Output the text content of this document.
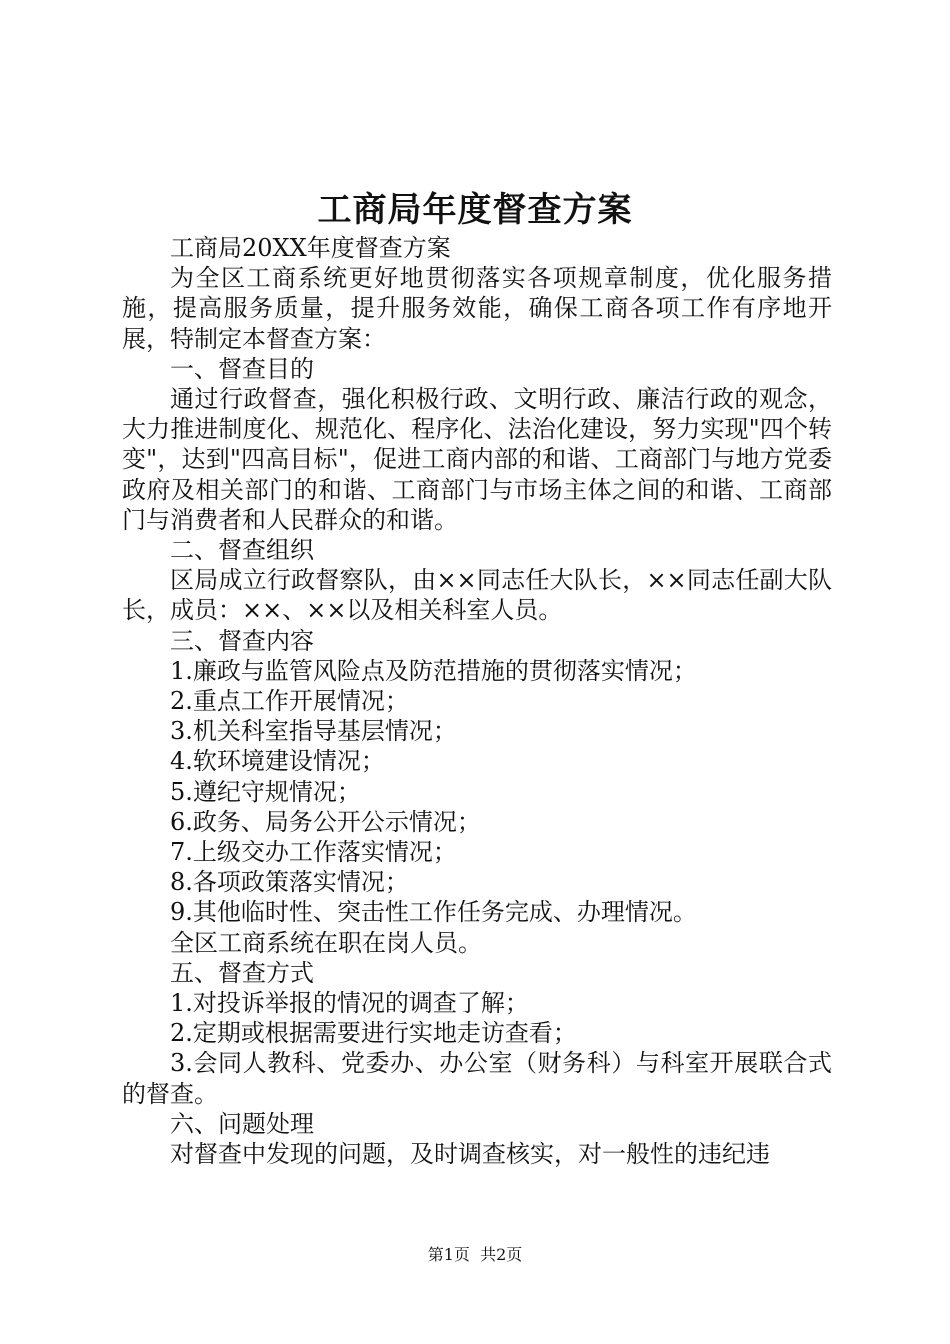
工商局年度督查方案

工商局20XX年度督查方案

为全区工商系统更好地贯彻落实各项规章制度，优化服务措施，提高服务质量，提升服务效能，确保工商各项工作有序地开展，特制定本督查方案：

一、督查目的

通过行政督查，强化积极行政、文明行政、廉洁行政的观念，大力推进制度化、规范化、程序化、法治化建设，努力实现"四个转变"，达到"四高目标"，促进工商内部的和谐、工商部门与地方党委政府及相关部门的和谐、工商部门与市场主体之间的和谐、工商部门与消费者和人民群众的和谐。

二、督查组织

区局成立行政督察队，由××同志任大队长，××同志任副大队长，成员：××、××以及相关科室人员。

三、督查内容

1.廉政与监管风险点及防范措施的贯彻落实情况；

2.重点工作开展情况；

3.机关科室指导基层情况；

4.软环境建设情况；

5.遵纪守规情况；

6.政务、局务公开公示情况；

7.上级交办工作落实情况；

8.各项政策落实情况；

9.其他临时性、突击性工作任务完成、办理情况。

全区工商系统在职在岗人员。

五、督查方式

1.对投诉举报的情况的调查了解；

2.定期或根据需要进行实地走访查看；

3.会同人教科、党委办、办公室（财务科）与科室开展联合式的督查。

六、问题处理

对督查中发现的问题，及时调查核实，对一般性的违纪违

第1页 共2页
